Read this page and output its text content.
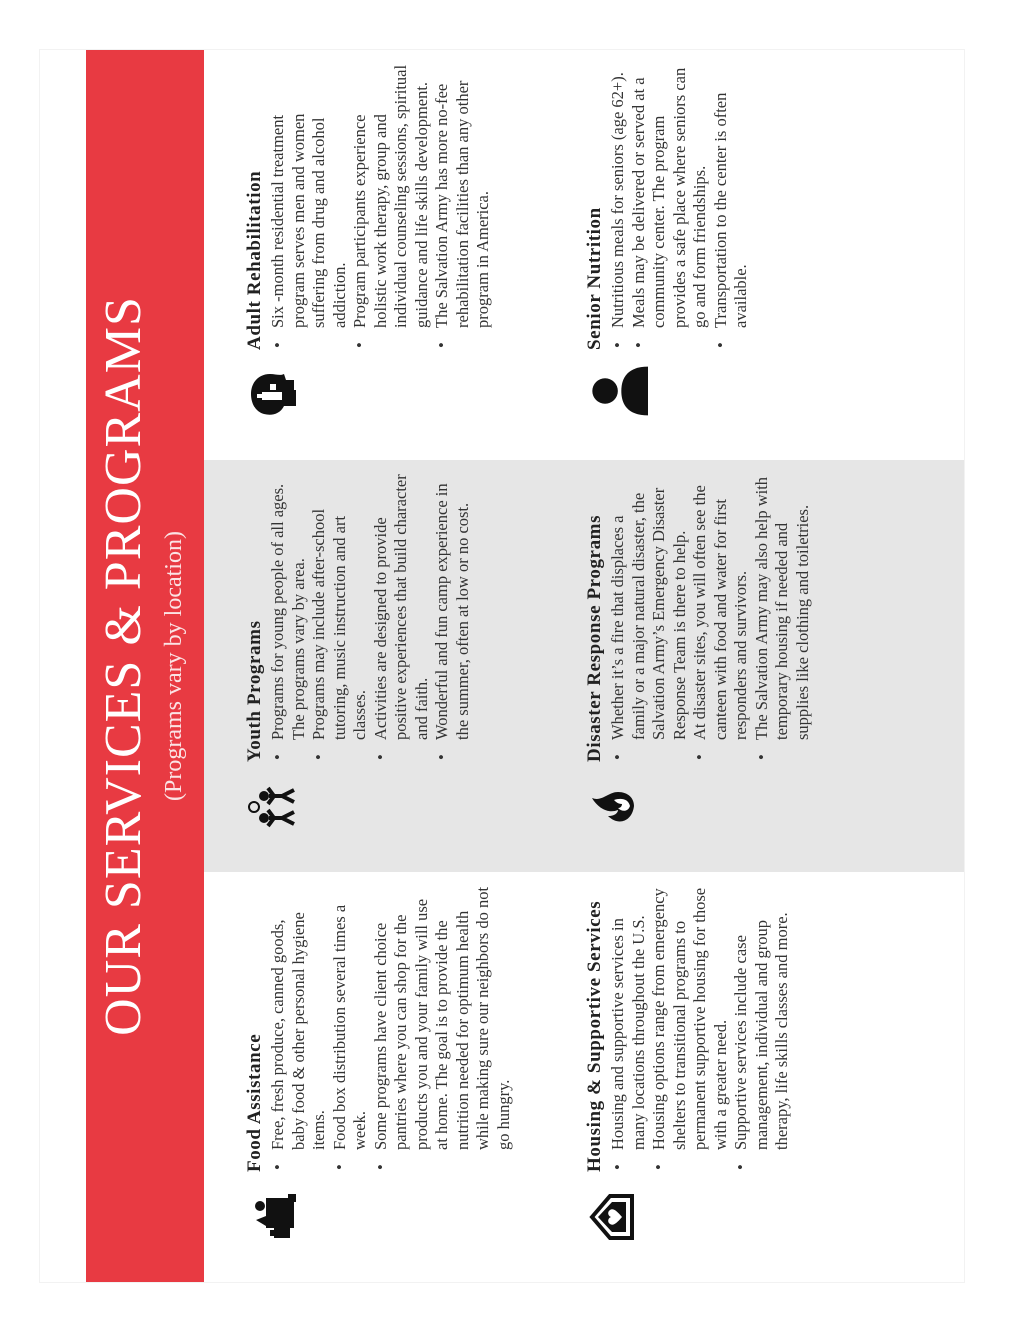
OUR SERVICES & PROGRAMS (Programs vary by location)
Food Assistance • Free, fresh produce, canned goods, baby food & other personal hygiene items. • Food box distribution several times a week. • Some programs have client choice pantries where you can shop for the products you and your family will use at home. The goal is to provide the nutrition needed for optimum health while making sure our neighbors do not go hungry.	Housing & Supportive Services • Housing and supportive services in many locations throughout the U.S. • Housing options range from emergency shelters to transitional programs to permanent supportive housing for those with a greater need. • Supportive services include case management, individual and group therapy, life skills classes and more.
Youth Programs • Programs for young people of all ages. The programs vary by area. • Programs may include after-school tutoring, music instruction and art classes. • Activities are designed to provide positive experiences that build character and faith. • Wonderful and fun camp experience in the summer, often at low or no cost.	Disaster Response Programs • Whether it’s a fire that displaces a family or a major natural disaster, the Salvation Army’s Emergency Disaster Response Team is there to help. • At disaster sites, you will often see the canteen with food and water for first responders and survivors. • The Salvation Army may also help with temporary housing if needed and supplies like clothing and toiletries.
Adult Rehabilitation • Six -month residential treatment program serves men and women suffering from drug and alcohol addiction. • Program participants experience holistic work therapy, group and individual counseling sessions, spiritual guidance and life skills development. • The Salvation Army has more no-fee rehabilitation facilities than any other program in America.	Senior Nutrition • Nutritious meals for seniors (age 62+). • Meals may be delivered or served at a community center. The program provides a safe place where seniors can go and form friendships. • Transportation to the center is often available.
